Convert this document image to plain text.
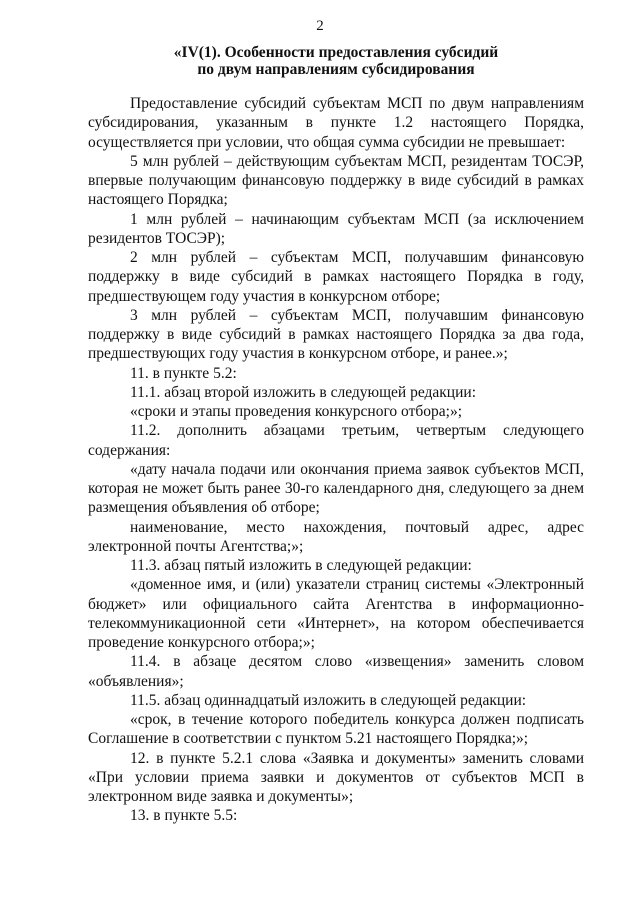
2
«IV(1). Особенности предоставления субсидий
по двум направлениям субсидирования

Предоставление субсидий субъектам МСП по двум направлениям субсидирования, указанным в пункте 1.2 настоящего Порядка, осуществляется при условии, что общая сумма субсидии не превышает:

5 млн рублей – действующим субъектам МСП, резидентам ТОСЭР, впервые получающим финансовую поддержку в виде субсидий в рамках настоящего Порядка;

1 млн рублей – начинающим субъектам МСП (за исключением резидентов ТОСЭР);

2 млн рублей – субъектам МСП, получавшим финансовую поддержку в виде субсидий в рамках настоящего Порядка в году, предшествующем году участия в конкурсном отборе;

3 млн рублей – субъектам МСП, получавшим финансовую поддержку в виде субсидий в рамках настоящего Порядка за два года, предшествующих году участия в конкурсном отборе, и ранее.»;

11. в пункте 5.2:

11.1. абзац второй изложить в следующей редакции:

«сроки и этапы проведения конкурсного отбора;»;

11.2. дополнить абзацами третьим, четвертым следующего содержания:

«дату начала подачи или окончания приема заявок субъектов МСП, которая не может быть ранее 30-го календарного дня, следующего за днем размещения объявления об отборе;

наименование, место нахождения, почтовый адрес, адрес электронной почты Агентства;»;

11.3. абзац пятый изложить в следующей редакции:

«доменное имя, и (или) указатели страниц системы «Электронный бюджет» или официального сайта Агентства в информационно-телекоммуникационной сети «Интернет», на котором обеспечивается проведение конкурсного отбора;»;

11.4. в абзаце десятом слово «извещения» заменить словом «объявления»;

11.5. абзац одиннадцатый изложить в следующей редакции:

«срок, в течение которого победитель конкурса должен подписать Соглашение в соответствии с пунктом 5.21 настоящего Порядка;»;

12. в пункте 5.2.1 слова «Заявка и документы» заменить словами «При условии приема заявки и документов от субъектов МСП в электронном виде заявка и документы»;

13. в пункте 5.5:
